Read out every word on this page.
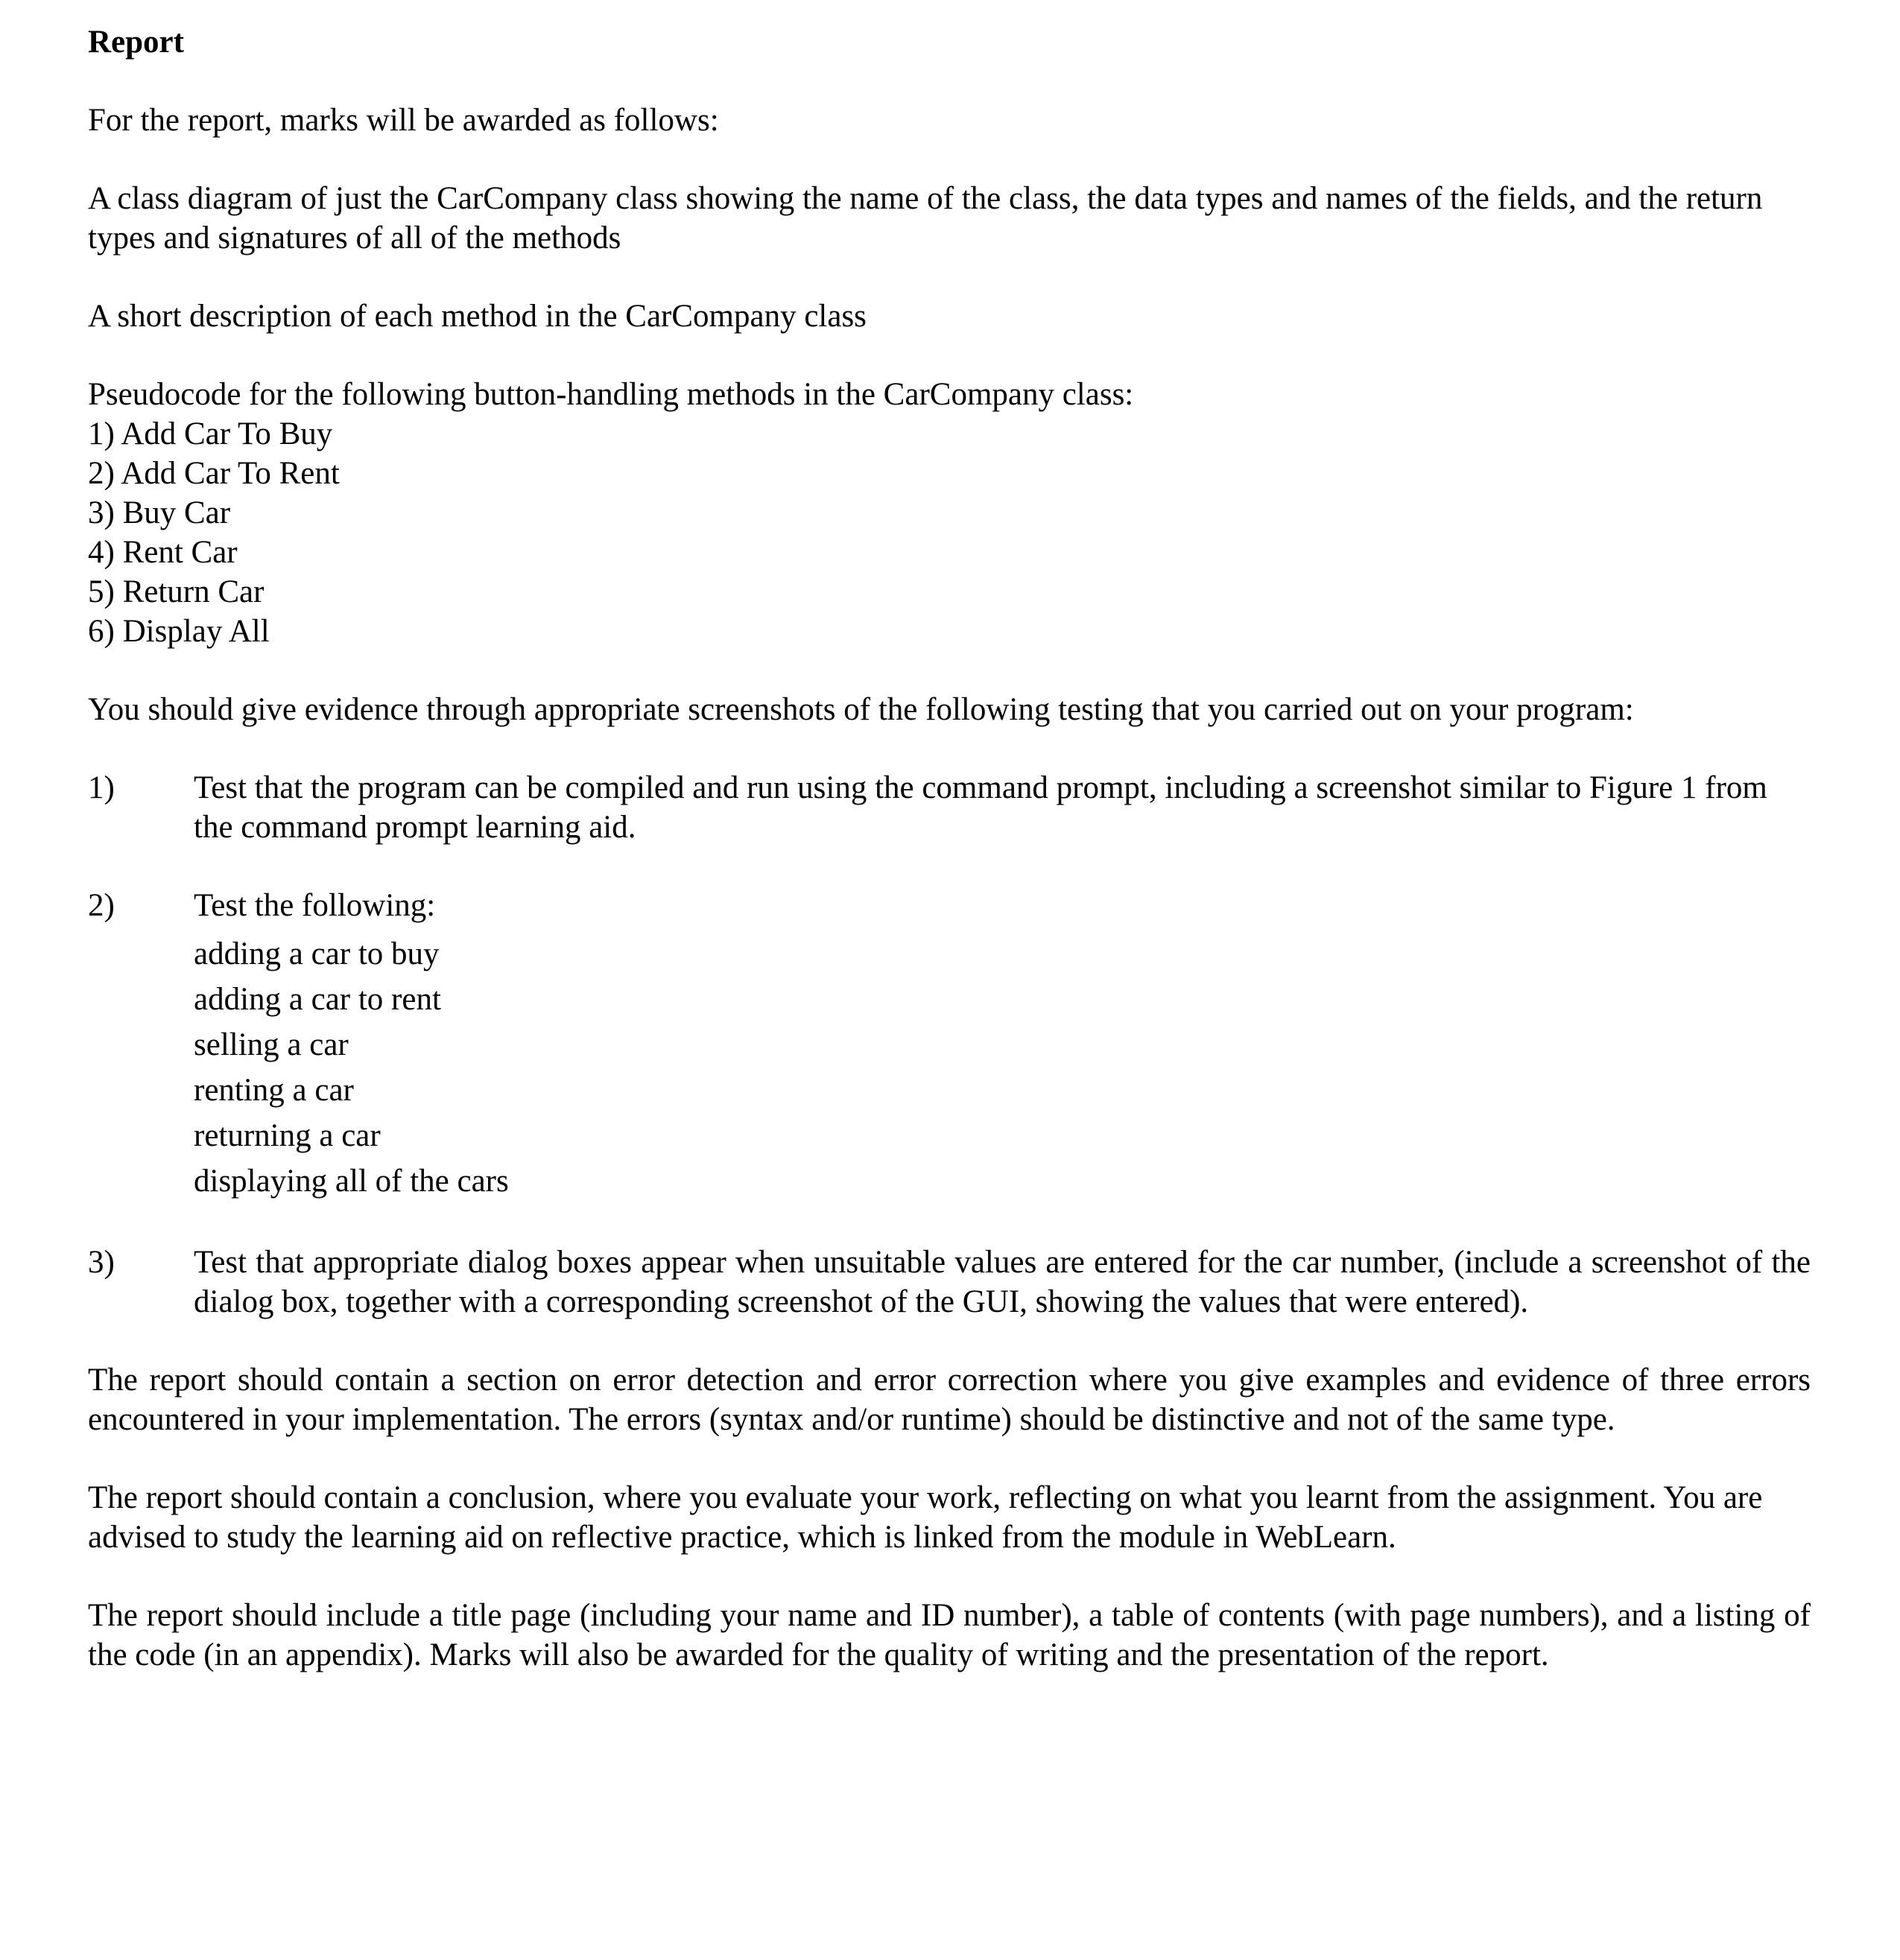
Report

For the report, marks will be awarded as follows:

A class diagram of just the CarCompany class showing the name of the class, the data types and names of the fields, and the return types and signatures of all of the methods

A short description of each method in the CarCompany class

Pseudocode for the following button-handling methods in the CarCompany class:

1) Add Car To Buy
2) Add Car To Rent
3) Buy Car
4) Rent Car
5) Return Car
6) Display All

You should give evidence through appropriate screenshots of the following testing that you carried out on your program:

1)	Test that the program can be compiled and run using the command prompt, including a screenshot similar to Figure 1 from the command prompt learning aid.
2)	Test the following:
adding a car to buy
adding a car to rent
selling a car
renting a car
returning a car
displaying all of the cars
3)	Test that appropriate dialog boxes appear when unsuitable values are entered for the car number, (include a screenshot of the dialog box, together with a corresponding screenshot of the GUI, showing the values that were entered).

The report should contain a section on error detection and error correction where you give examples and evidence of three errors encountered in your implementation. The errors (syntax and/or runtime) should be distinctive and not of the same type.

The report should contain a conclusion, where you evaluate your work, reflecting on what you learnt from the assignment. You are advised to study the learning aid on reflective practice, which is linked from the module in WebLearn.

The report should include a title page (including your name and ID number), a table of contents (with page numbers), and a listing of the code (in an appendix). Marks will also be awarded for the quality of writing and the presentation of the report.
